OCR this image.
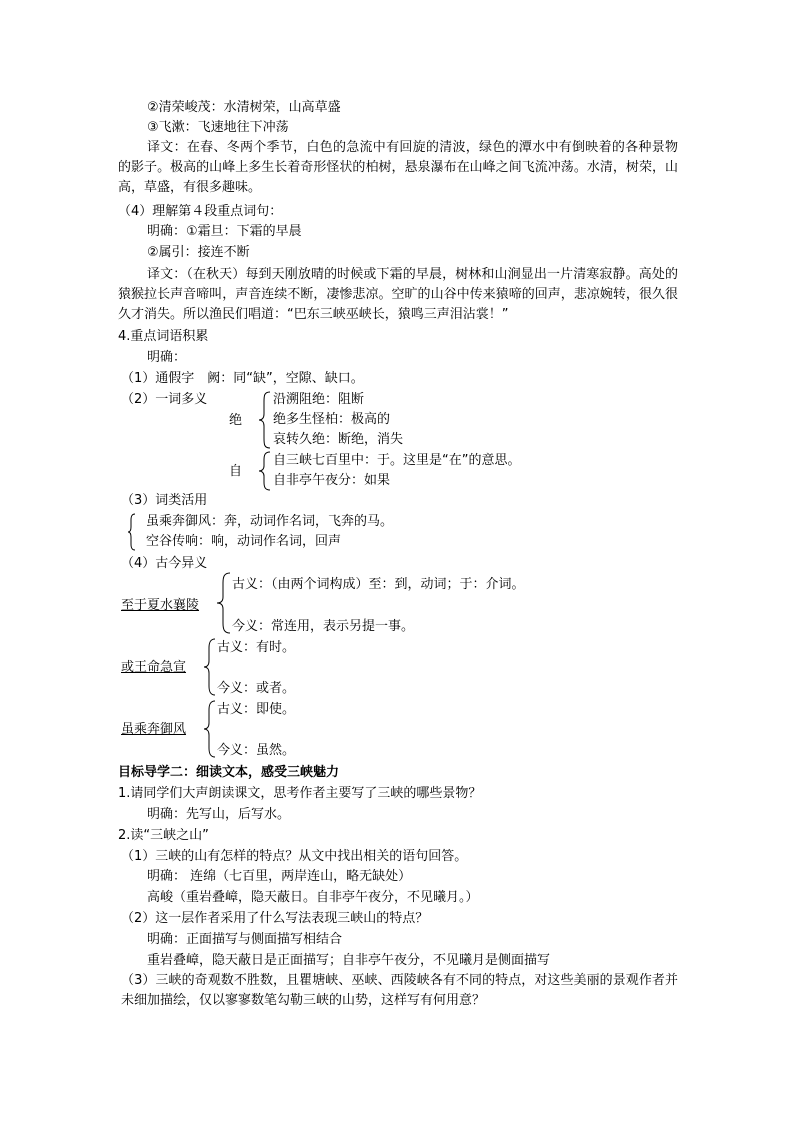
②清荣峻茂：水清树荣，山高草盛
③飞漱：飞速地往下冲荡
译文：在春、冬两个季节，白色的急流中有回旋的清波，绿色的潭水中有倒映着的各种景物的影子。极高的山峰上多生长着奇形怪状的柏树，悬泉瀑布在山峰之间飞流冲荡。水清，树荣，山高，草盛，有很多趣味。
（4）理解第４段重点词句：
明确：①霜旦：下霜的早晨
②属引：接连不断
译文：（在秋天）每到天刚放晴的时候或下霜的早晨，树林和山涧显出一片清寒寂静。高处的猿猴拉长声音啼叫，声音连续不断，凄惨悲凉。空旷的山谷中传来猿啼的回声，悲凉婉转，很久很久才消失。所以渔民们唱道：“巴东三峡巫峡长，猿鸣三声泪沾裳！”
4.重点词语积累
明确：
（1）通假字　阙：同“缺”，空隙、缺口。
（2）一词多义
绝
沿溯阻绝：阻断
绝多生怪柏：极高的
哀转久绝：断绝，消失
自
自三峡七百里中：于。这里是“在”的意思。
自非亭午夜分：如果
（3）词类活用
虽乘奔御风：奔，动词作名词，飞奔的马。
空谷传响：响，动词作名词，回声
（4）古今异义
至于夏水襄陵
古义：（由两个词构成）至：到，动词；于：介词。
今义：常连用，表示另提一事。
或王命急宣
古义：有时。
今义：或者。
虽乘奔御风
古义：即使。
今义：虽然。
目标导学二：细读文本，感受三峡魅力
1.请同学们大声朗读课文，思考作者主要写了三峡的哪些景物？
明确：先写山，后写水。
2.读“三峡之山”
（1）三峡的山有怎样的特点？从文中找出相关的语句回答。
明确： 连绵（七百里，两岸连山，略无缺处）
高峻（重岩叠嶂，隐天蔽日。自非亭午夜分，不见曦月。）
（2）这一层作者采用了什么写法表现三峡山的特点？
明确：正面描写与侧面描写相结合
重岩叠嶂，隐天蔽日是正面描写；自非亭午夜分，不见曦月是侧面描写
（3）三峡的奇观数不胜数，且瞿塘峡、巫峡、西陵峡各有不同的特点，对这些美丽的景观作者并未细加描绘，仅以寥寥数笔勾勒三峡的山势，这样写有何用意？
